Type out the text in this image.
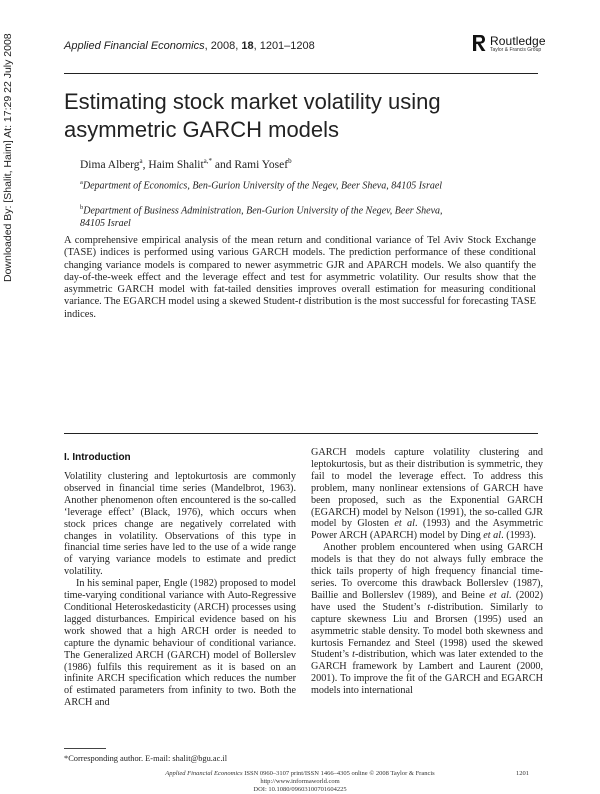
Downloaded By: [Shalit, Haim] At: 17:29 22 July 2008	Applied Financial Economics, 2008, 18, 1201–1208	Routledge
Taylor & Francis Group
Estimating stock market volatility using asymmetric GARCH models
Dima Alberg$^a$, Haim Shalit$^{a,*}$ and Rami Yosef$^b$
$^a$Department of Economics, Ben-Gurion University of the Negev, Beer Sheva, 84105 Israel
$^b$Department of Business Administration, Ben-Gurion University of the Negev, Beer Sheva, 84105 Israel
A comprehensive empirical analysis of the mean return and conditional variance of Tel Aviv Stock Exchange (TASE) indices is performed using various GARCH models. The prediction performance of these conditional changing variance models is compared to newer asymmetric GJR and APARCH models. We also quantify the day-of-the-week effect and the leverage effect and test for asymmetric volatility. Our results show that the asymmetric GARCH model with fat-tailed densities improves overall estimation for measuring conditional variance. The EGARCH model using a skewed Student-t distribution is the most successful for forecasting TASE indices.
I. Introduction

Volatility clustering and leptokurtosis are commonly observed in financial time series (Mandelbrot, 1963). Another phenomenon often encountered is the so-called ‘leverage effect’ (Black, 1976), which occurs when stock prices change are negatively correlated with changes in volatility. Observations of this type in financial time series have led to the use of a wide range of varying variance models to estimate and predict volatility.

In his seminal paper, Engle (1982) proposed to model time-varying conditional variance with Auto-Regressive Conditional Heteroskedasticity (ARCH) processes using lagged disturbances. Empirical evidence based on his work showed that a high ARCH order is needed to capture the dynamic behaviour of conditional variance. The Generalized ARCH (GARCH) model of Bollerslev (1986) fulfils this requirement as it is based on an infinite ARCH specification which reduces the number of estimated parameters from infinity to two. Both the ARCH and

GARCH models capture volatility clustering and leptokurtosis, but as their distribution is symmetric, they fail to model the leverage effect. To address this problem, many nonlinear extensions of GARCH have been proposed, such as the Exponential GARCH (EGARCH) model by Nelson (1991), the so-called GJR model by Glosten et al. (1993) and the Asymmetric Power ARCH (APARCH) model by Ding et al. (1993).

Another problem encountered when using GARCH models is that they do not always fully embrace the thick tails property of high frequency financial time-series. To overcome this drawback Bollerslev (1987), Baillie and Bollerslev (1989), and Beine et al. (2002) have used the Student’s t-distribution. Similarly to capture skewness Liu and Brorsen (1995) used an asymmetric stable density. To model both skewness and kurtosis Fernandez and Steel (1998) used the skewed Student’s t-distribution, which was later extended to the GARCH framework by Lambert and Laurent (2000, 2001). To improve the fit of the GARCH and EGARCH models into international

*Corresponding author. E-mail: shalit@bgu.ac.il
Applied Financial Economics ISSN 0960–3107 print/ISSN 1466–4305 online © 2008 Taylor & Francis
http://www.informaworld.com
DOI: 10.1080/09603100701604225
1201
